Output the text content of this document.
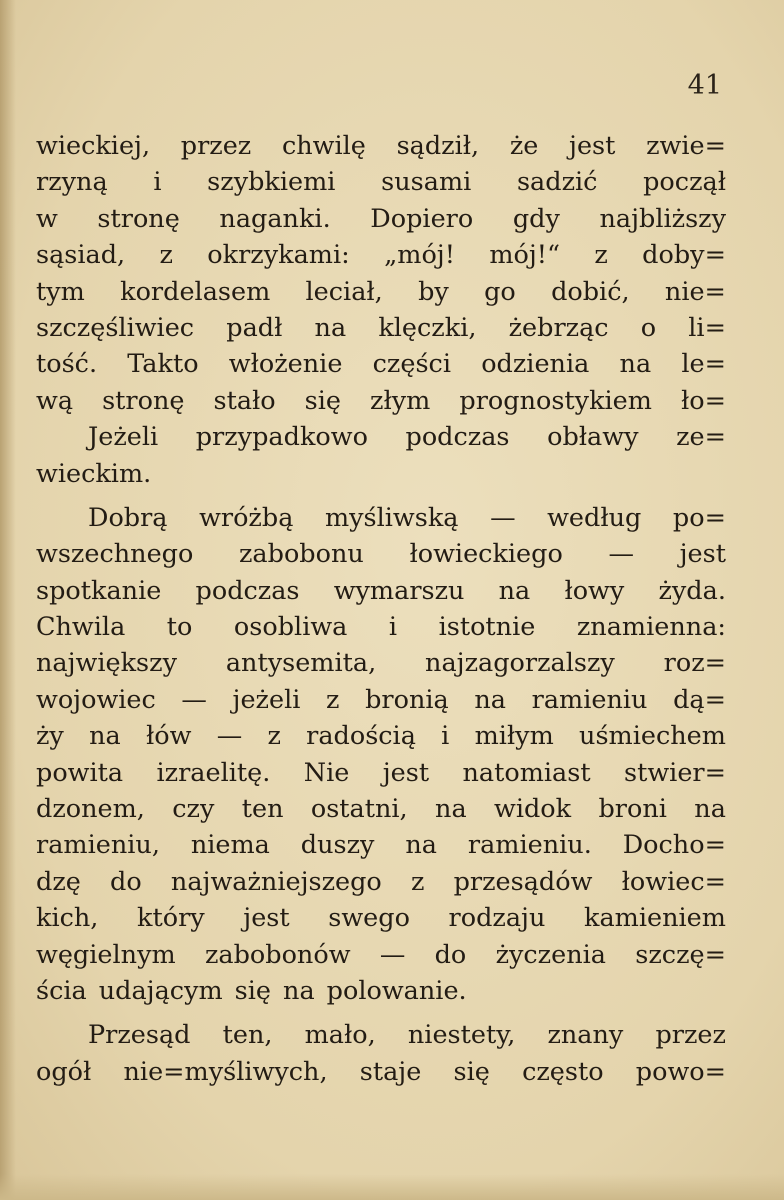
41
wieckiej, przez chwilę sądził, że jest zwie=
rzyną i szybkiemi susami sadzić począł
w stronę naganki. Dopiero gdy najbliższy
sąsiad, z okrzykami: „mój! mój!“ z doby=
tym kordelasem leciał, by go dobić, nie=
szczęśliwiec padł na klęczki, żebrząc o li=
tość. Takto włożenie części odzienia na le=
wą stronę stało się złym prognostykiem ło=
Jeżeli przypadkowo podczas obławy ze=
wieckim.
Dobrą wróżbą myśliwską — według po=
wszechnego zabobonu łowieckiego — jest
spotkanie podczas wymarszu na łowy żyda.
Chwila to osobliwa i istotnie znamienna:
największy antysemita, najzagorzalszy roz=
wojowiec — jeżeli z bronią na ramieniu dą=
ży na łów — z radością i miłym uśmiechem
powita izraelitę. Nie jest natomiast stwier=
dzonem, czy ten ostatni, na widok broni na
ramieniu, niema duszy na ramieniu. Docho=
dzę do najważniejszego z przesądów łowiec=
kich, który jest swego rodzaju kamieniem
węgielnym zabobonów — do życzenia szczę=
ścia udającym się na polowanie.
Przesąd ten, mało, niestety, znany przez
ogół nie=myśliwych, staje się często powo=
